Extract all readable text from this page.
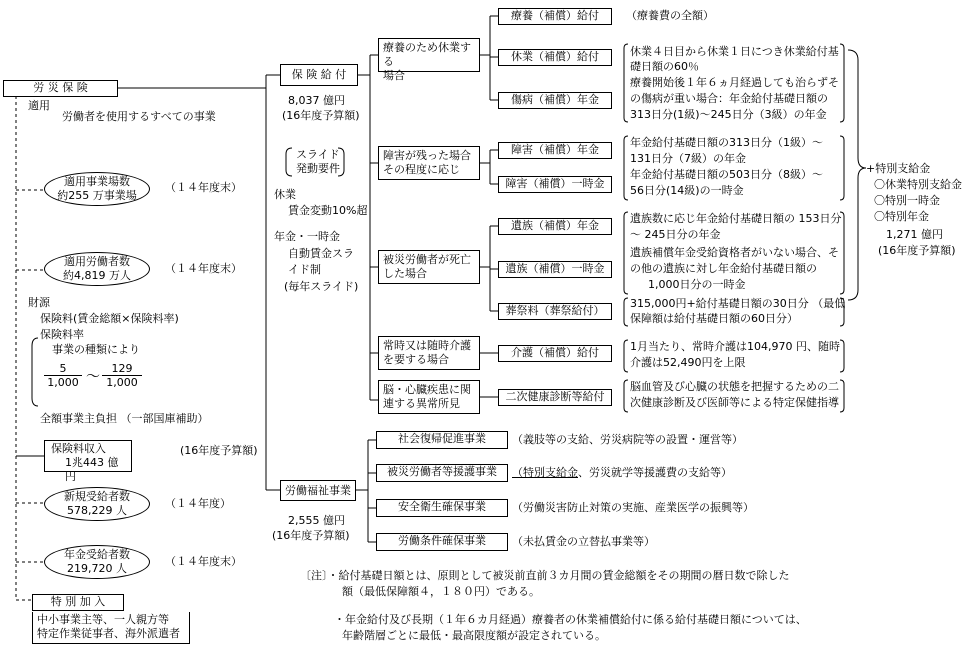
労 災 保 険
適用
労働者を使用するすべての事業
適用事業場数
約255 万事業場
（１４年度末）
適用労働者数
約4,819 万人
（１４年度末）
財源
保険料(賃金総額×保険料率)
保険料率
事業の種類により
$\frac{5}{1,000}$ ～ $\frac{129}{1,000}$
全額事業主負担 （一部国庫補助）
保険料収入
1兆443 億円
(16年度予算額)
新規受給者数
578,229 人
（１４年度）
年金受給者数
219,720 人
（１４年度末）
特 別 加 入
中小事業主等、一人親方等
特定作業従事者、海外派遣者
保 険 給 付
8,037 億円
(16年度予算額)
スライド
発動要件
休業
賃金変動10%超
年金・一時金
自動賃金スラ
イド制
(毎年スライド)
労働福祉事業
2,555 億円
(16年度予算額)
療養のため休業する
場合
障害が残った場合
その程度に応じ
被災労働者が死亡
した場合
常時又は随時介護
を要する場合
脳・心臓疾患に関
連する異常所見
療養（補償）給付	（療養費の全額）
休業（補償）給付	休業４日目から休業１日につき休業給付基
礎日額の60％
傷病（補償）年金
療養開始後１年６ヵ月経過しても治らずそ
の傷病が重い場合：年金給付基礎日額の
313日分(1級)～245日分（3級）の年金
障害（補償）年金
年金給付基礎日額の313日分（1級）～
131日分（7級）の年金
障害（補償）一時金
年金給付基礎日額の503日分（8級）～
56日分(14級)の一時金
遺族（補償）年金
遺族数に応じ年金給付基礎日額の 153日分
～ 245日分の年金
遺族（補償）一時金
遺族補償年金受給資格者がいない場合、そ
の他の遺族に対し年金給付基礎日額の
1,000日分の一時金
葬祭料（葬祭給付）
315,000円+給付基礎日額の30日分 （最低
保障額は給付基礎日額の60日分）
介護（補償）給付	1月当たり、常時介護は104,970 円、随時
介護は52,490円を上限
二次健康診断等給付
脳血管及び心臓の状態を把握するための二
次健康診断及び医師等による特定保健指導
+特別支給金
〇休業特別支給金
〇特別一時金
〇特別年金
1,271 億円
(16年度予算額)
社会復帰促進事業	（義肢等の支給、労災病院等の設置・運営等）
被災労働者等援護事業	（特別支給金、労災就学等援護費の支給等）
安全衛生確保事業	（労働災害防止対策の実施、産業医学の振興等）
労働条件確保事業	（未払賃金の立替払事業等）
〔注〕・給付基礎日額とは、原則として被災前直前３カ月間の賃金総額をその期間の暦日数で除した
額（最低保障額４，１８０円）である。
・年金給付及び長期（１年６カ月経過）療養者の休業補償給付に係る給付基礎日額については、
年齢階層ごとに最低・最高限度額が設定されている。
